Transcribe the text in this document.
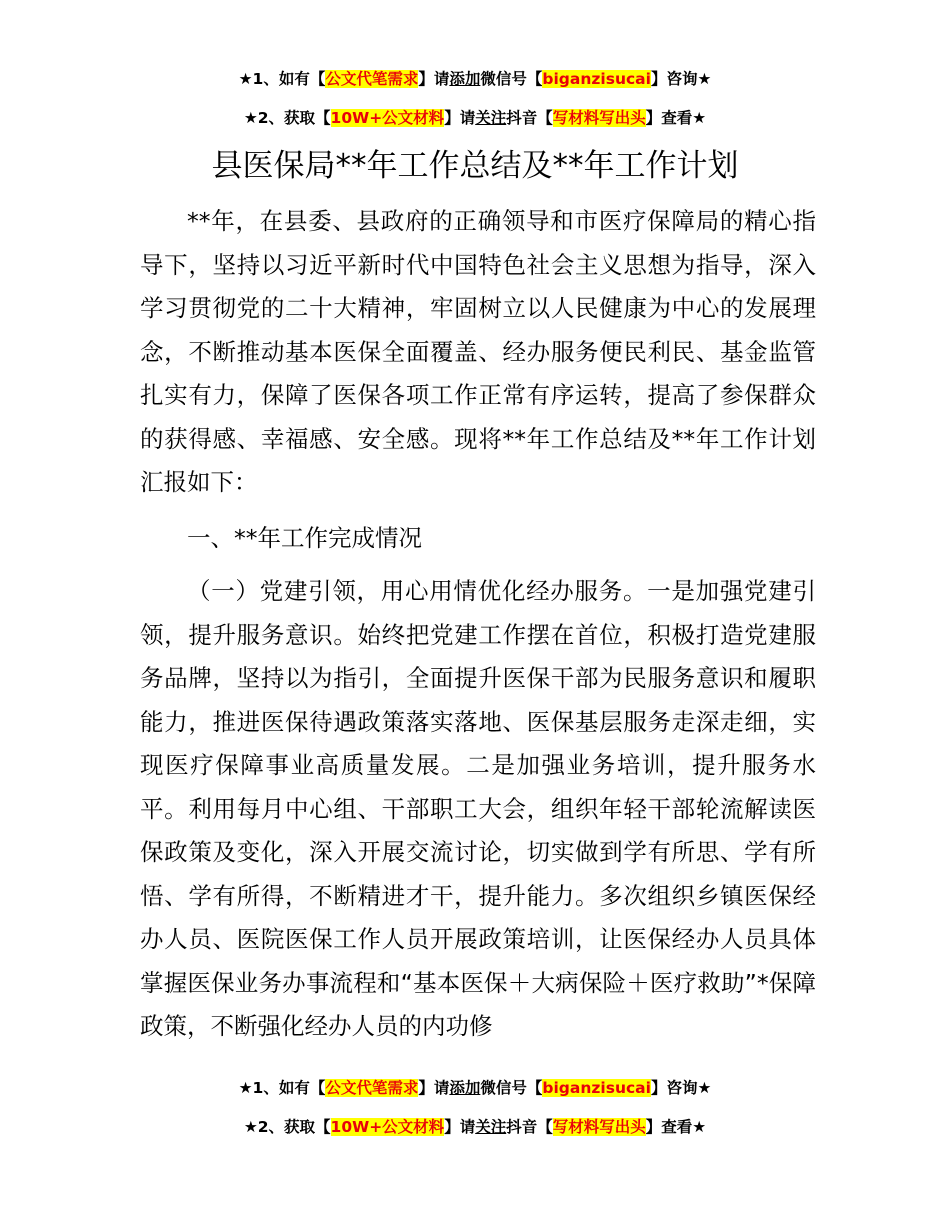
★1、如有【公文代笔需求】请添加微信号【biganzisucai】咨询★
★2、获取【10W+公文材料】请关注抖音【写材料写出头】查看★
县医保局**年工作总结及**年工作计划

**年，在县委、县政府的正确领导和市医疗保障局的精心指导下，坚持以习近平新时代中国特色社会主义思想为指导，深入学习贯彻党的二十大精神，牢固树立以人民健康为中心的发展理念，不断推动基本医保全面覆盖、经办服务便民利民、基金监管扎实有力，保障了医保各项工作正常有序运转，提高了参保群众的获得感、幸福感、安全感。现将**年工作总结及**年工作计划汇报如下：

一、**年工作完成情况

（一）党建引领，用心用情优化经办服务。一是加强党建引领，提升服务意识。始终把党建工作摆在首位，积极打造党建服务品牌，坚持以为指引，全面提升医保干部为民服务意识和履职能力，推进医保待遇政策落实落地、医保基层服务走深走细，实现医疗保障事业高质量发展。二是加强业务培训，提升服务水平。利用每月中心组、干部职工大会，组织年轻干部轮流解读医保政策及变化，深入开展交流讨论，切实做到学有所思、学有所悟、学有所得，不断精进才干，提升能力。多次组织乡镇医保经办人员、医院医保工作人员开展政策培训，让医保经办人员具体掌握医保业务办事流程和“基本医保＋大病保险＋医疗救助”*保障政策，不断强化经办人员的内功修

★1、如有【公文代笔需求】请添加微信号【biganzisucai】咨询★
★2、获取【10W+公文材料】请关注抖音【写材料写出头】查看★
